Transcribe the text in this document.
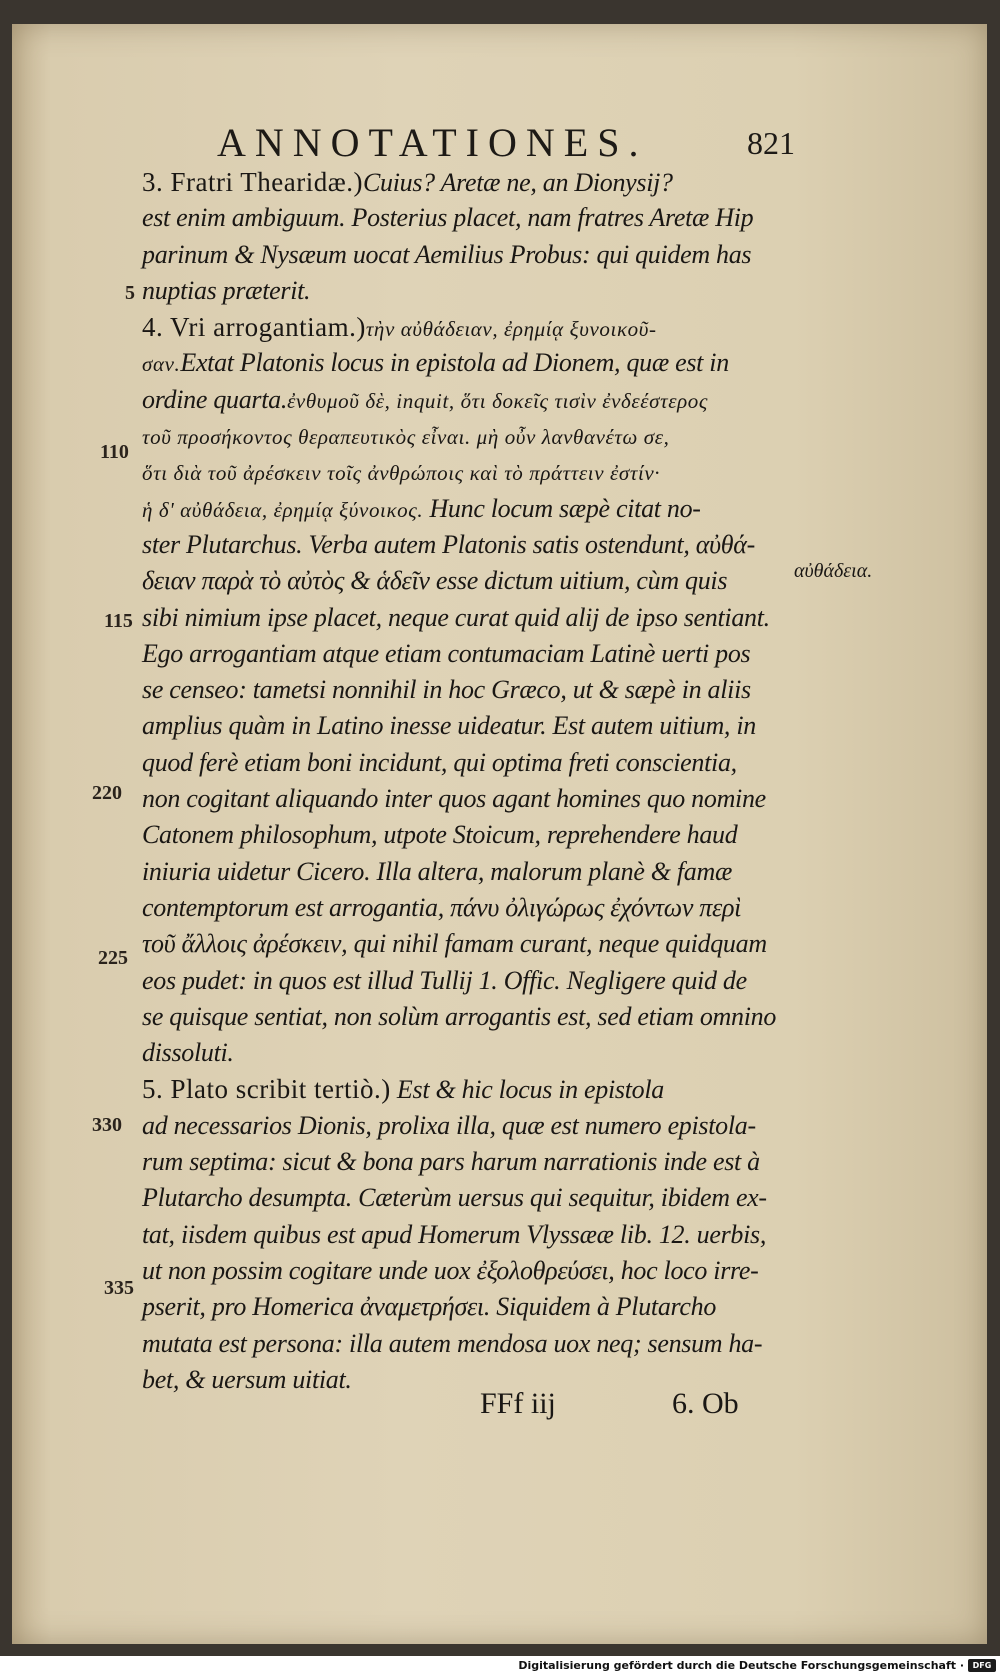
ANNOTATIONES.	821
3. Fratri Thearidæ.)Cuius? Aretæ ne, an Dionysij?
est enim ambiguum. Posterius placet, nam fratres Aretæ Hip
parinum & Nysæum uocat Aemilius Probus: qui quidem has
nuptias præterit.
4. Vri arrogantiam.)τὴν αὐθάδειαν, ἐρημίᾳ ξυνοικοῦ-
σαν.Extat Platonis locus in epistola ad Dionem, quæ est in
ordine quarta.ἐνθυμοῦ δὲ, inquit, ὅτι δοκεῖς τισὶν ἐνδεέστερος
τοῦ προσήκοντος θεραπευτικὸς εἶναι. μὴ οὖν λανθανέτω σε,
ὅτι διὰ τοῦ ἀρέσκειν τοῖς ἀνθρώποις καὶ τὸ πράττειν ἐστίν·
ἡ δ' αὐθάδεια, ἐρημίᾳ ξύνοικος. Hunc locum sæpè citat no-
ster Plutarchus. Verba autem Platonis satis ostendunt, αὐθά-
δειαν παρὰ τὸ αὐτὸς & ἁδεῖν esse dictum uitium, cùm quis
sibi nimium ipse placet, neque curat quid alij de ipso sentiant.
Ego arrogantiam atque etiam contumaciam Latinè uerti pos
se censeo: tametsi nonnihil in hoc Græco, ut & sæpè in aliis
amplius quàm in Latino inesse uideatur. Est autem uitium, in
quod ferè etiam boni incidunt, qui optima freti conscientia,
non cogitant aliquando inter quos agant homines quo nomine
Catonem philosophum, utpote Stoicum, reprehendere haud
iniuria uidetur Cicero. Illa altera, malorum planè & famæ
contemptorum est arrogantia, πάνυ ὀλιγώρως ἐχόντων περὶ
τοῦ ἄλλοις ἀρέσκειν, qui nihil famam curant, neque quidquam
eos pudet: in quos est illud Tullij 1. Offic. Negligere quid de
se quisque sentiat, non solùm arrogantis est, sed etiam omnino
dissoluti.
5. Plato scribit tertiò.) Est & hic locus in epistola
ad necessarios Dionis, prolixa illa, quæ est numero epistola-
rum septima: sicut & bona pars harum narrationis inde est à
Plutarcho desumpta. Cæterùm uersus qui sequitur, ibidem ex-
tat, iisdem quibus est apud Homerum Vlyssææ lib. 12. uerbis,
ut non possim cogitare unde uox ἐξολοθρεύσει, hoc loco irre-
pserit, pro Homerica ἀναμετρήσει. Siquidem à Plutarcho
mutata est persona: illa autem mendosa uox neq; sensum ha-
bet, & uersum uitiat.
5
110
115
220
225
330
335
αὐθάδεια.
FFf iij	6. Ob
Digitalisierung gefördert durch die Deutsche Forschungsgemeinschaft ·	DFG
